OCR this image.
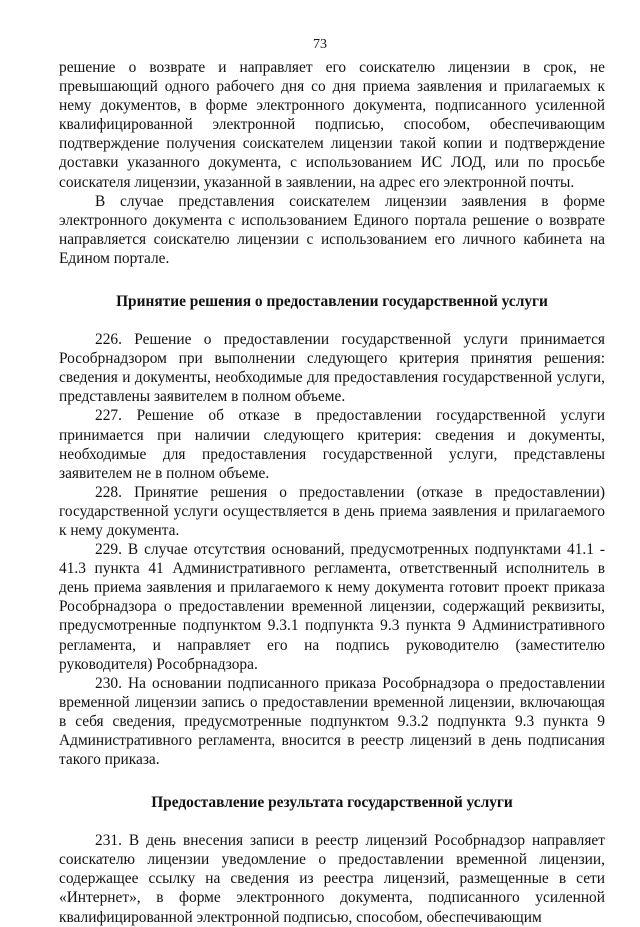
73

решение о возврате и направляет его соискателю лицензии в срок, не превышающий одного рабочего дня со дня приема заявления и прилагаемых к нему документов, в форме электронного документа, подписанного усиленной квалифицированной электронной подписью, способом, обеспечивающим подтверждение получения соискателем лицензии такой копии и подтверждение доставки указанного документа, с использованием ИС ЛОД, или по просьбе соискателя лицензии, указанной в заявлении, на адрес его электронной почты.

В случае представления соискателем лицензии заявления в форме электронного документа с использованием Единого портала решение о возврате направляется соискателю лицензии с использованием его личного кабинета на Едином портале.

Принятие решения о предоставлении государственной услуги

226. Решение о предоставлении государственной услуги принимается Рособрнадзором при выполнении следующего критерия принятия решения: сведения и документы, необходимые для предоставления государственной услуги, представлены заявителем в полном объеме.

227. Решение об отказе в предоставлении государственной услуги принимается при наличии следующего критерия: сведения и документы, необходимые для предоставления государственной услуги, представлены заявителем не в полном объеме.

228. Принятие решения о предоставлении (отказе в предоставлении) государственной услуги осуществляется в день приема заявления и прилагаемого к нему документа.

229. В случае отсутствия оснований, предусмотренных подпунктами 41.1 - 41.3 пункта 41 Административного регламента, ответственный исполнитель в день приема заявления и прилагаемого к нему документа готовит проект приказа Рособрнадзора о предоставлении временной лицензии, содержащий реквизиты, предусмотренные подпунктом 9.3.1 подпункта 9.3 пункта 9 Административного регламента, и направляет его на подпись руководителю (заместителю руководителя) Рособрнадзора.

230. На основании подписанного приказа Рособрнадзора о предоставлении временной лицензии запись о предоставлении временной лицензии, включающая в себя сведения, предусмотренные подпунктом 9.3.2 подпункта 9.3 пункта 9 Административного регламента, вносится в реестр лицензий в день подписания такого приказа.

Предоставление результата государственной услуги

231. В день внесения записи в реестр лицензий Рособрнадзор направляет соискателю лицензии уведомление о предоставлении временной лицензии, содержащее ссылку на сведения из реестра лицензий, размещенные в сети «Интернет», в форме электронного документа, подписанного усиленной квалифицированной электронной подписью, способом, обеспечивающим
